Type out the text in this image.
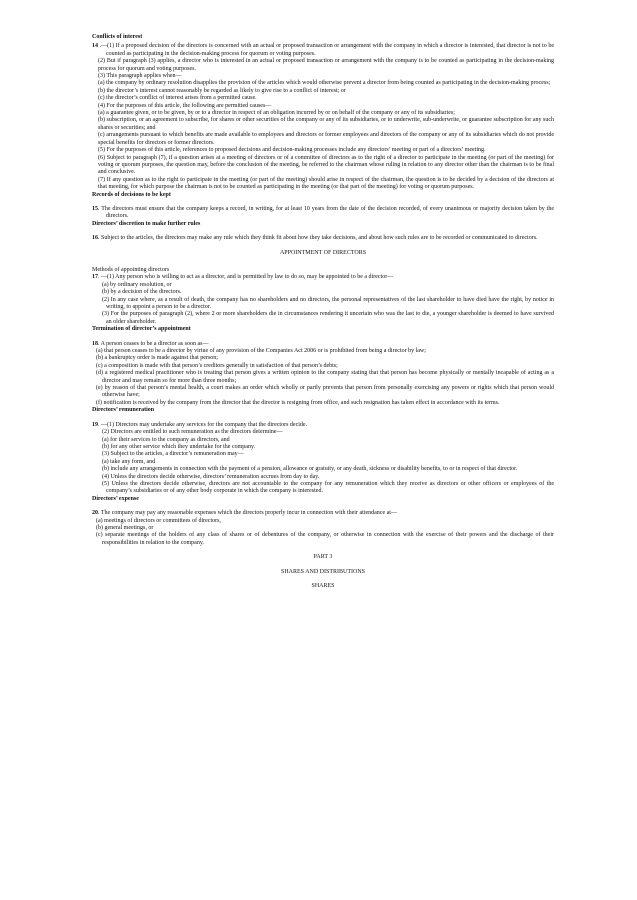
Conflicts of interest

14 .—(1) If a proposed decision of the directors is concerned with an actual or proposed transaction or arrangement with the company in which a director is interested, that director is not to be counted as participating in the decision-making process for quorum or voting purposes.

(2) But if paragraph (3) applies, a director who is interested in an actual or proposed transaction or arrangement with the company is to be counted as participating in the decision-making process for quorum and voting purposes.

(3) This paragraph applies when—

(a) the company by ordinary resolution disapplies the provision of the articles which would otherwise prevent a director from being counted as participating in the decision-making process;

(b) the director’s interest cannot reasonably be regarded as likely to give rise to a conflict of interest; or

(c) the director’s conflict of interest arises from a permitted cause.

(4) For the purposes of this article, the following are permitted causes—

(a) a guarantee given, or to be given, by or to a director in respect of an obligation incurred by or on behalf of the company or any of its subsidiaries;

(b) subscription, or an agreement to subscribe, for shares or other securities of the company or any of its subsidiaries, or to underwrite, sub-underwrite, or guarantee subscription for any such shares or securities; and

(c) arrangements pursuant to which benefits are made available to employees and directors or former employees and directors of the company or any of its subsidiaries which do not provide special benefits for directors or former directors.

(5) For the purposes of this article, references to proposed decisions and decision-making processes include any directors’ meeting or part of a directors’ meeting.

(6) Subject to paragraph (7), if a question arises at a meeting of directors or of a committee of directors as to the right of a director to participate in the meeting (or part of the meeting) for voting or quorum purposes, the question may, before the conclusion of the meeting, be referred to the chairman whose ruling in relation to any director other than the chairman is to be final and conclusive.

(7) If any question as to the right to participate in the meeting (or part of the meeting) should arise in respect of the chairman, the question is to be decided by a decision of the directors at that meeting, for which purpose the chairman is not to be counted as participating in the meeting (or that part of the meeting) for voting or quorum purposes.

Records of decisions to be kept

15. The directors must ensure that the company keeps a record, in writing, for at least 10 years from the date of the decision recorded, of every unanimous or majority decision taken by the directors.

Directors’ discretion to make further rules

16. Subject to the articles, the directors may make any rule which they think fit about how they take decisions, and about how such rules are to be recorded or communicated to directors.

APPOINTMENT OF DIRECTORS

Methods of appointing directors

17. —(1) Any person who is willing to act as a director, and is permitted by law to do so, may be appointed to be a director—

(a) by ordinary resolution, or

(b) by a decision of the directors.

(2) In any case where, as a result of death, the company has no shareholders and no directors, the personal representatives of the last shareholder to have died have the right, by notice in writing, to appoint a person to be a director.

(3) For the purposes of paragraph (2), where 2 or more shareholders die in circumstances rendering it uncertain who was the last to die, a younger shareholder is deemed to have survived an older shareholder.

Termination of director’s appointment

18. A person ceases to be a director as soon as—

(a) that person ceases to be a director by virtue of any provision of the Companies Act 2006 or is prohibited from being a director by law;

(b) a bankruptcy order is made against that person;

(c) a composition is made with that person’s creditors generally in satisfaction of that person’s debts;

(d) a registered medical practitioner who is treating that person gives a written opinion to the company stating that that person has become physically or mentally incapable of acting as a director and may remain so for more than three months;

(e) by reason of that person’s mental health, a court makes an order which wholly or partly prevents that person from personally exercising any powers or rights which that person would otherwise have;

(f) notification is received by the company from the director that the director is resigning from office, and such resignation has taken effect in accordance with its terms.

Directors’ remuneration

19. —(1) Directors may undertake any services for the company that the directors decide.

(2) Directors are entitled to such remuneration as the directors determine—

(a) for their services to the company as directors, and

(b) for any other service which they undertake for the company.

(3) Subject to the articles, a director’s remuneration may—

(a) take any form, and

(b) include any arrangements in connection with the payment of a pension, allowance or gratuity, or any death, sickness or disability benefits, to or in respect of that director.

(4) Unless the directors decide otherwise, directors’ remuneration accrues from day to day.

(5) Unless the directors decide otherwise, directors are not accountable to the company for any remuneration which they receive as directors or other officers or employees of the company’s subsidiaries or of any other body corporate in which the company is interested.

Directors’ expense

20. The company may pay any reasonable expenses which the directors properly incur in connection with their attendance at—

(a) meetings of directors or committees of directors,

(b) general meetings, or

(c) separate meetings of the holders of any class of shares or of debentures of the company, or otherwise in connection with the exercise of their powers and the discharge of their responsibilities in relation to the company.

PART 3

SHARES AND DISTRIBUTIONS

SHARES
